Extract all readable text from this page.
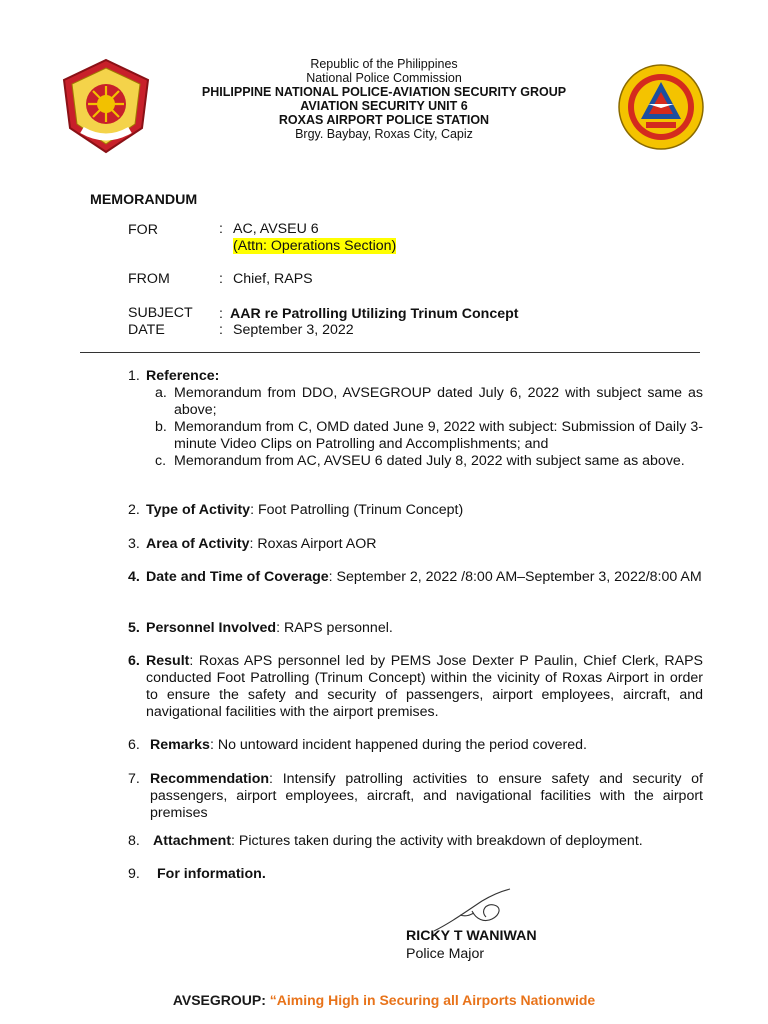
Republic of the Philippines
National Police Commission
PHILIPPINE NATIONAL POLICE-AVIATION SECURITY GROUP
AVIATION SECURITY UNIT 6
ROXAS AIRPORT POLICE STATION
Brgy. Baybay, Roxas City, Capiz
MEMORANDUM
FOR	: AC, AVSEU 6
(Attn: Operations Section)
FROM	: Chief, RAPS
SUBJECT : AAR re Patrolling Utilizing Trinum Concept
DATE	: September 3, 2022
1. Reference:
a. Memorandum from DDO, AVSEGROUP dated July 6, 2022 with subject same as above;
b. Memorandum from C, OMD dated June 9, 2022 with subject: Submission of Daily 3-minute Video Clips on Patrolling and Accomplishments; and
c. Memorandum from AC, AVSEU 6 dated July 8, 2022 with subject same as above.
2. Type of Activity: Foot Patrolling (Trinum Concept)
3. Area of Activity: Roxas Airport AOR
4. Date and Time of Coverage: September 2, 2022 /8:00 AM–September 3, 2022/8:00 AM
5. Personnel Involved: RAPS personnel.
6. Result: Roxas APS personnel led by PEMS Jose Dexter P Paulin, Chief Clerk, RAPS conducted Foot Patrolling (Trinum Concept) within the vicinity of Roxas Airport in order to ensure the safety and security of passengers, airport employees, aircraft, and navigational facilities with the airport premises.
6. Remarks: No untoward incident happened during the period covered.
7. Recommendation: Intensify patrolling activities to ensure safety and security of passengers, airport employees, aircraft, and navigational facilities with the airport premises
8. Attachment: Pictures taken during the activity with breakdown of deployment.
9. For information.
RICKY T WANIWAN
Police Major
AVSEGROUP: “Aiming High in Securing all Airports Nationwide
